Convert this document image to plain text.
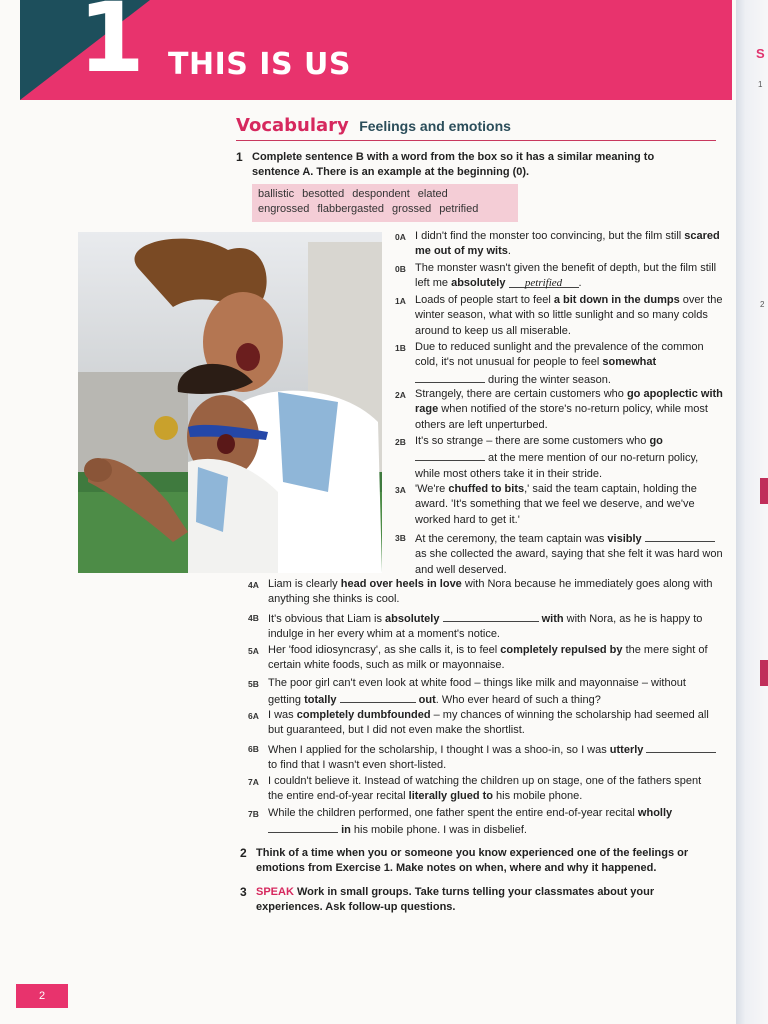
S
1
2
1 THIS IS US
Vocabulary Feelings and emotions
1 Complete sentence B with a word from the box so it has a similar meaning to sentence A. There is an example at the beginning (0).
ballistic besotted despondent elated
engrossed flabbergasted grossed petrified
0A I didn't find the monster too convincing, but the film still scared me out of my wits.
0B The monster wasn't given the benefit of depth, but the film still left me absolutely petrified .
1A Loads of people start to feel a bit down in the dumps over the winter season, what with so little sunlight and so many colds around to keep us all miserable.
1B Due to reduced sunlight and the prevalence of the common cold, it's not unusual for people to feel somewhat  during the winter season.
2A Strangely, there are certain customers who go apoplectic with rage when notified of the store's no-return policy, while most others are left unperturbed.
2B It's so strange – there are some customers who go  at the mere mention of our no-return policy, while most others take it in their stride.
3A 'We're chuffed to bits,' said the team captain, holding the award. 'It's something that we feel we deserve, and we've worked hard to get it.'
3B At the ceremony, the team captain was visibly  as she collected the award, saying that she felt it was hard won and well deserved.
4A Liam is clearly head over heels in love with Nora because he immediately goes along with anything she thinks is cool.
4B It's obvious that Liam is absolutely	with with Nora, as he is happy to indulge in her every whim at a moment's notice.
5A Her 'food idiosyncrasy', as she calls it, is to feel completely repulsed by the mere sight of certain white foods, such as milk or mayonnaise.
5B The poor girl can't even look at white food – things like milk and mayonnaise – without getting totally	out. Who ever heard of such a thing?
6A I was completely dumbfounded – my chances of winning the scholarship had seemed all but guaranteed, but I did not even make the shortlist.
6B When I applied for the scholarship, I thought I was a shoo-in, so I was utterly  to find that I wasn't even short-listed.
7A I couldn't believe it. Instead of watching the children up on stage, one of the fathers spent the entire end-of-year recital literally glued to his mobile phone.
7B While the children performed, one father spent the entire end-of-year recital wholly  in his mobile phone. I was in disbelief.
2 Think of a time when you or someone you know experienced one of the feelings or emotions from Exercise 1. Make notes on when, where and why it happened.
3 SPEAK Work in small groups. Take turns telling your classmates about your experiences. Ask follow-up questions.
2
